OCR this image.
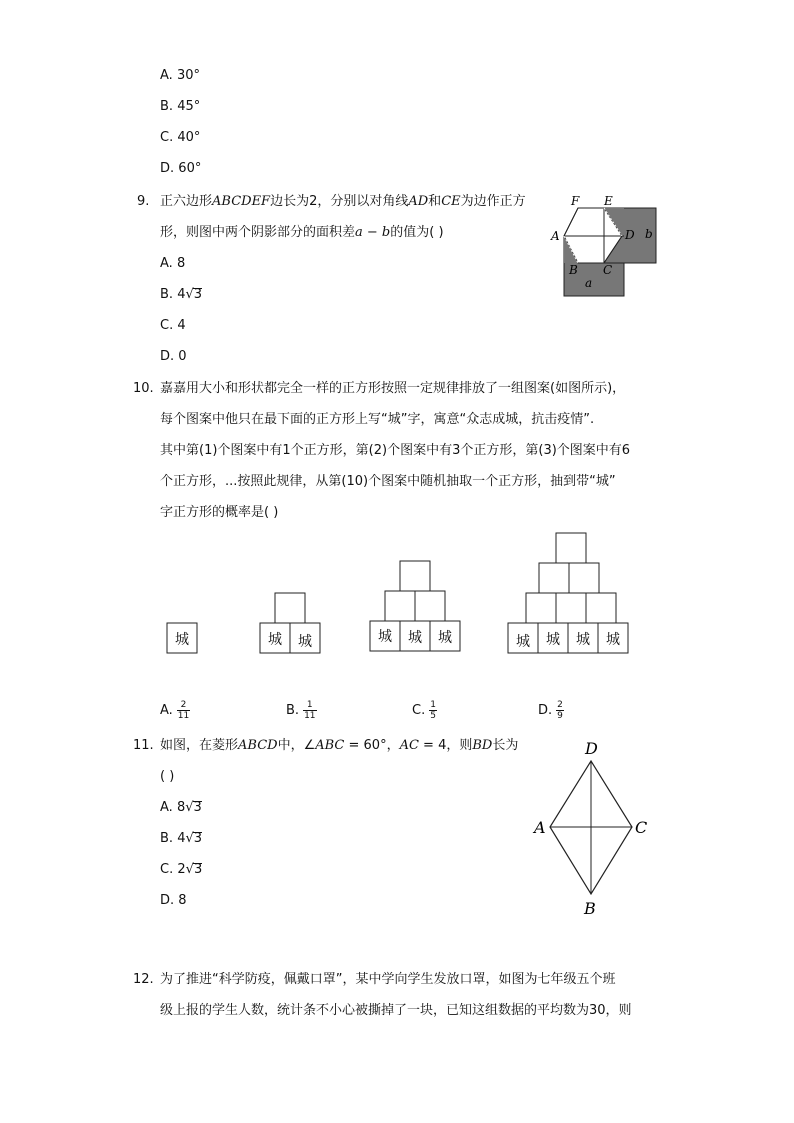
A. 30°
B. 45°
C. 40°
D. 60°
9. 正六边形ABCDEF边长为2，分别以对角线AD和CE为边作正方
形，则图中两个阴影部分的面积差a − b的值为( )
A. 8
B. 4√3
C. 4
D. 0
F E
A	D
B C
a
b
10. 嘉嘉用大小和形状都完全一样的正方形按照一定规律排放了一组图案(如图所示)，
每个图案中他只在最下面的正方形上写“城”字，寓意“众志成城，抗击疫情”.
其中第(1)个图案中有1个正方形，第(2)个图案中有3个正方形，第(3)个图案中有6
个正方形，...按照此规律，从第(10)个图案中随机抽取一个正方形，抽到带“城”
字正方形的概率是( )
城	城 城	城 城 城	城 城 城 城
A. $\frac{2}{11}$	B. $\frac{1}{11}$	C. $\frac{1}{5}$	D. $\frac{2}{9}$
11. 如图，在菱形ABCD中，∠ABC = 60°，AC = 4，则BD长为
( )
A. 8√3
B. 4√3
C. 2√3
D. 8
D
A	C
B
12. 为了推进“科学防疫，佩戴口罩”，某中学向学生发放口罩，如图为七年级五个班
级上报的学生人数，统计条不小心被撕掉了一块，已知这组数据的平均数为30，则
